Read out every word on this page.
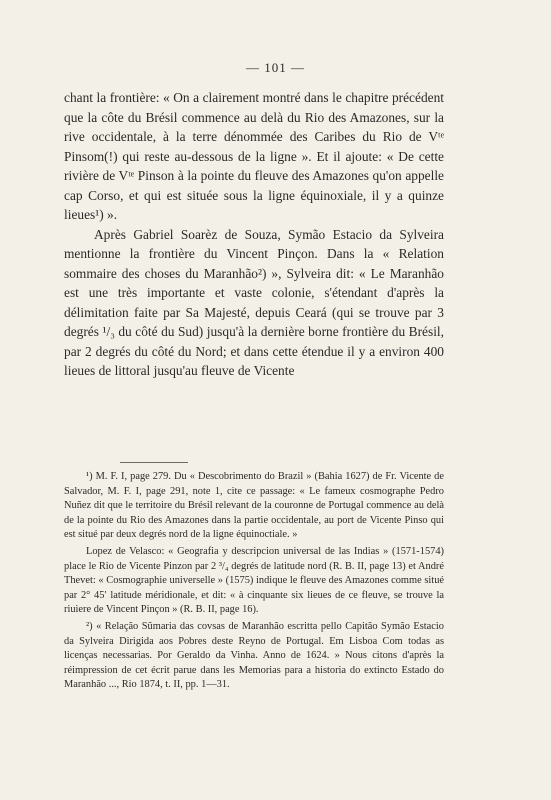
— 101 —

chant la frontière: « On a clairement montré dans le chapitre précédent que la côte du Brésil commence au delà du Rio des Amazones, sur la rive occidentale, à la terre dénommée des Caribes du Rio de Vᵗᵉ Pinsom(!) qui reste au-dessous de la ligne ». Et il ajoute: « De cette rivière de Vᵗᵉ Pinson à la pointe du fleuve des Amazones qu'on appelle cap Corso, et qui est située sous la ligne équinoxiale, il y a quinze lieues¹) ».

Après Gabriel Soarèz de Souza, Symão Estacio da Sylveira mentionne la frontière du Vincent Pinçon. Dans la « Relation sommaire des choses du Maranhão²) », Sylveira dit: « Le Maranhão est une très importante et vaste colonie, s'étendant d'après la délimitation faite par Sa Majesté, depuis Ceará (qui se trouve par 3 degrés ¹/₃ du côté du Sud) jusqu'à la dernière borne frontière du Brésil, par 2 degrés du côté du Nord; et dans cette étendue il y a environ 400 lieues de littoral jusqu'au fleuve de Vicente

¹) M. F. I, page 279. Du « Descobrimento do Brazil » (Bahia 1627) de Fr. Vicente de Salvador, M. F. I, page 291, note 1, cite ce passage: « Le fameux cosmographe Pedro Nuñez dit que le territoire du Brésil relevant de la couronne de Portugal commence au delà de la pointe du Rio des Amazones dans la partie occidentale, au port de Vicente Pinso qui est situé par deux degrés nord de la ligne équinoctiale. »

Lopez de Velasco: « Geografia y descripcion universal de las Indias » (1571-1574) place le Rio de Vicente Pinzon par 2 ³/₄ degrés de latitude nord (R. B. II, page 13) et André Thevet: « Cosmographie universelle » (1575) indique le fleuve des Amazones comme situé par 2° 45′ latitude méridionale, et dit: « à cinquante six lieues de ce fleuve, se trouve la riuiere de Vincent Pinçon » (R. B. II, page 16).

²) « Relação Sũmaria das covsas de Maranhão escritta pello Capitão Symão Estacio da Sylveira Dirigida aos Pobres deste Reyno de Portugal. Em Lisboa Com todas as licenças necessarias. Por Geraldo da Vinha. Anno de 1624. » Nous citons d'après la réimpression de cet écrit parue dans les Memorias para a historia do extincto Estado do Maranhão ..., Rio 1874, t. II, pp. 1—31.
